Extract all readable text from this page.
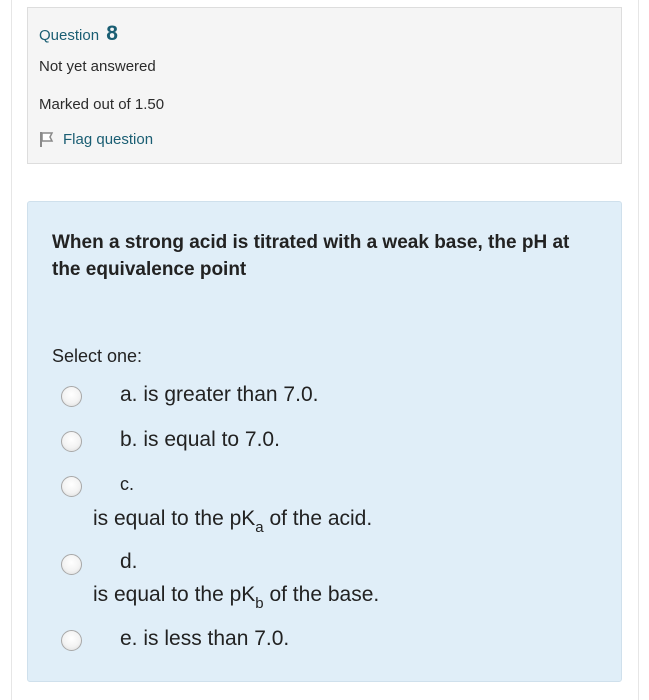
Question 8
Not yet answered
Marked out of 1.50
Flag question
When a strong acid is titrated with a weak base, the pH at the equivalence point
Select one:
a. is greater than 7.0.
b. is equal to 7.0.
c.
is equal to the $pK_a$ of the acid.
d.
is equal to the $pK_b$ of the base.
e. is less than 7.0.
